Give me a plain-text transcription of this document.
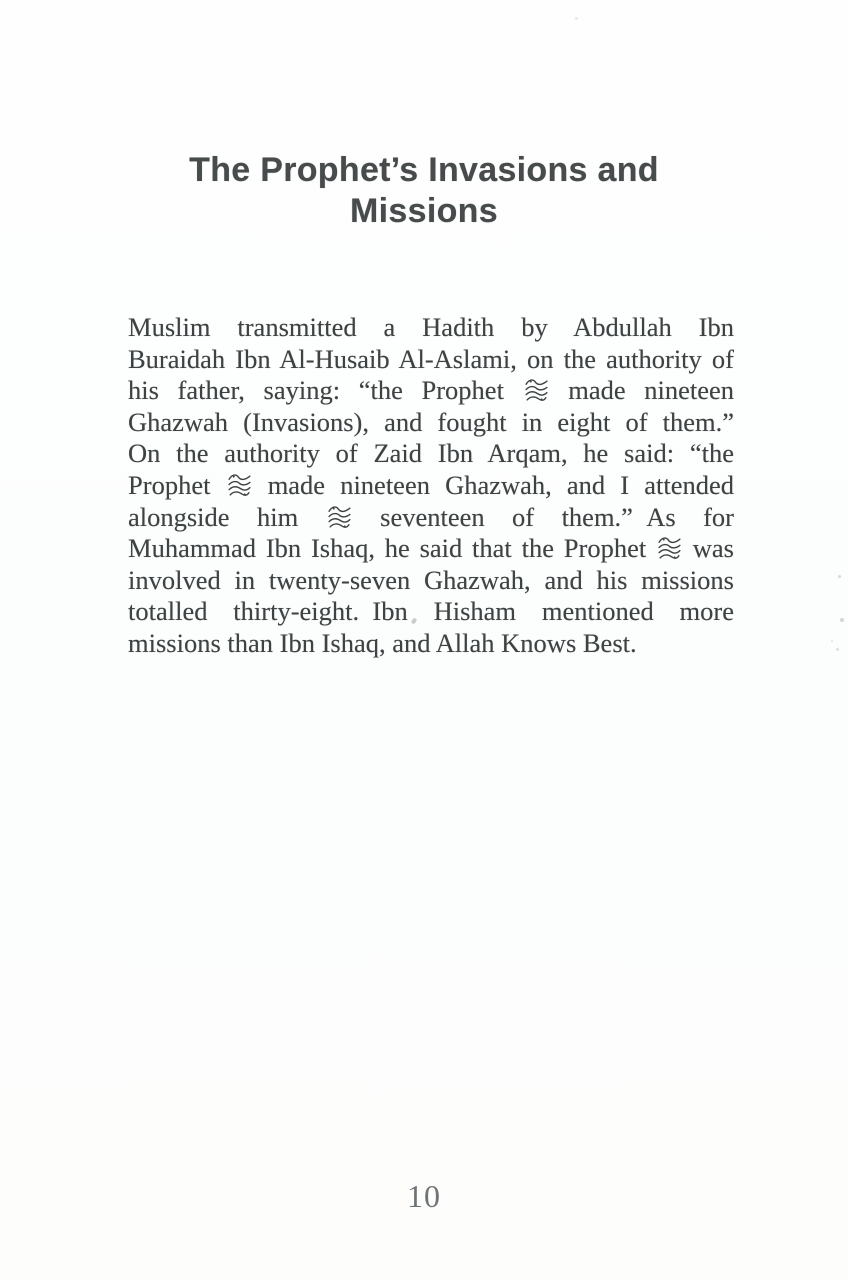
The Prophet’s Invasions and
Missions
Muslim transmitted a Hadith by Abdullah Ibn
Buraidah Ibn Al-Husaib Al-Aslami, on the authority of
his father, saying: “the Prophet  made nineteen
Ghazwah (Invasions), and fought in eight of them.”
On the authority of Zaid Ibn Arqam, he said: “the
Prophet  made nineteen Ghazwah, and I attended
alongside him  seventeen of them.” As for
Muhammad Ibn Ishaq, he said that the Prophet  was
involved in twenty-seven Ghazwah, and his missions
totalled thirty-eight. Ibn Hisham mentioned more
missions than Ibn Ishaq, and Allah Knows Best.
10
